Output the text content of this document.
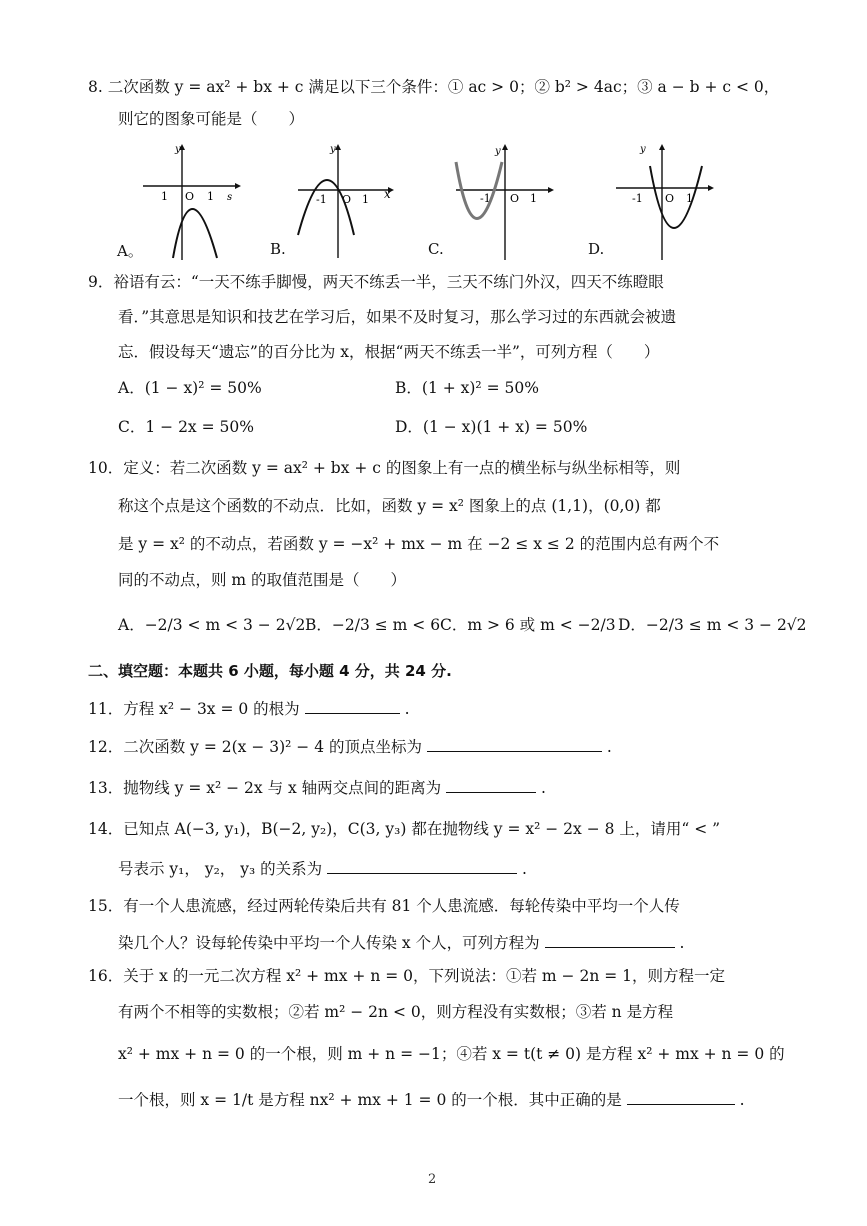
8. 二次函数 y = ax² + bx + c 满足以下三个条件：① ac > 0；② b² > 4ac；③ a − b + c < 0，
则它的图象可能是（　　）
y
1 O 1 s
A。
y
-1 O 1 x
B.
y
-1 O 1
C.
y
-1 O 1
D.
9．裕语有云：“一天不练手脚慢，两天不练丢一半，三天不练门外汉，四天不练瞪眼
看．”其意思是知识和技艺在学习后，如果不及时复习，那么学习过的东西就会被遗
忘．假设每天“遗忘”的百分比为 x，根据“两天不练丢一半”，可列方程（　　）
A．(1 − x)² = 50%	B．(1 + x)² = 50%
C．1 − 2x = 50%	D．(1 − x)(1 + x) = 50%
10．定义：若二次函数 y = ax² + bx + c 的图象上有一点的横坐标与纵坐标相等，则
称这个点是这个函数的不动点．比如，函数 y = x² 图象上的点 (1,1)，(0,0) 都
是 y = x² 的不动点，若函数 y = −x² + mx − m 在 −2 ≤ x ≤ 2 的范围内总有两个不
同的不动点，则 m 的取值范围是（　　）
A．−2/3 < m < 3 − 2√2 B．−2/3 ≤ m < 6 C．m > 6 或 m < −2/3 D．−2/3 ≤ m < 3 − 2√2
二、填空题：本题共 6 小题，每小题 4 分，共 24 分.
11．方程 x² − 3x = 0 的根为	.
12．二次函数 y = 2(x − 3)² − 4 的顶点坐标为	.
13．抛物线 y = x² − 2x 与 x 轴两交点间的距离为	.
14．已知点 A(−3, y₁)，B(−2, y₂)，C(3, y₃) 都在抛物线 y = x² − 2x − 8 上，请用“ < ”
号表示 y₁， y₂， y₃ 的关系为	.
15．有一个人患流感，经过两轮传染后共有 81 个人患流感．每轮传染中平均一个人传
染几个人？设每轮传染中平均一个人传染 x 个人，可列方程为	.
16．关于 x 的一元二次方程 x² + mx + n = 0，下列说法：①若 m − 2n = 1，则方程一定
有两个不相等的实数根；②若 m² − 2n < 0，则方程没有实数根；③若 n 是方程
x² + mx + n = 0 的一个根，则 m + n = −1；④若 x = t(t ≠ 0) 是方程 x² + mx + n = 0 的
一个根，则 x = 1/t 是方程 nx² + mx + 1 = 0 的一个根．其中正确的是	.
2
